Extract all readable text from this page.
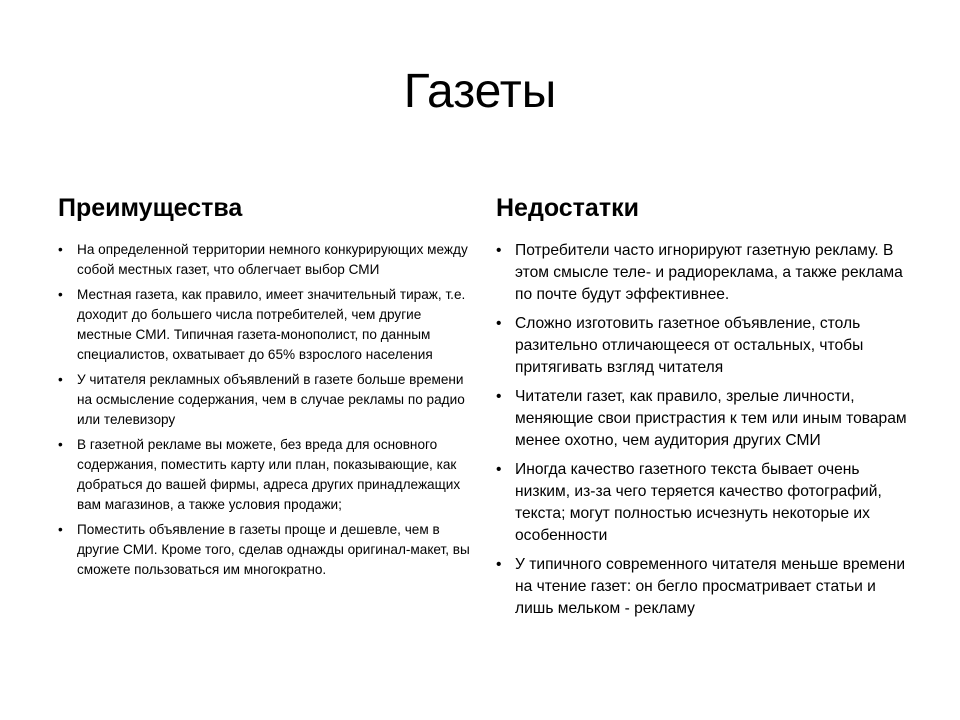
Газеты
Преимущества
• На определенной территории немного конкурирующих между собой местных газет, что облегчает выбор СМИ
• Местная газета, как правило, имеет значительный тираж, т.е. доходит до большего числа потребителей, чем другие местные СМИ. Типичная газета-монополист, по данным специалистов, охватывает до 65% взрослого населения
• У читателя рекламных объявлений в газете больше времени на осмысление содержания, чем в случае рекламы по радио или телевизору
• В газетной рекламе вы можете, без вреда для основного содержания, поместить карту или план, показывающие, как добраться до вашей фирмы, адреса других принадлежащих вам магазинов, а также условия продажи;
• Поместить объявление в газеты проще и дешевле, чем в другие СМИ. Кроме того, сделав однажды оригинал-макет, вы сможете пользоваться им многократно.
Недостатки
• Потребители часто игнорируют газетную рекламу. В этом смысле теле- и радиореклама, а также реклама по почте будут эффективнее.
• Сложно изготовить газетное объявление, столь разительно отличающееся от остальных, чтобы притягивать взгляд читателя
• Читатели газет, как правило, зрелые личности, меняющие свои пристрастия к тем или иным товарам менее охотно, чем аудитория других СМИ
• Иногда качество газетного текста бывает очень низким, из-за чего теряется качество фотографий, текста; могут полностью исчезнуть некоторые их особенности
• У типичного современного читателя меньше времени на чтение газет: он бегло просматривает статьи и лишь мельком - рекламу
